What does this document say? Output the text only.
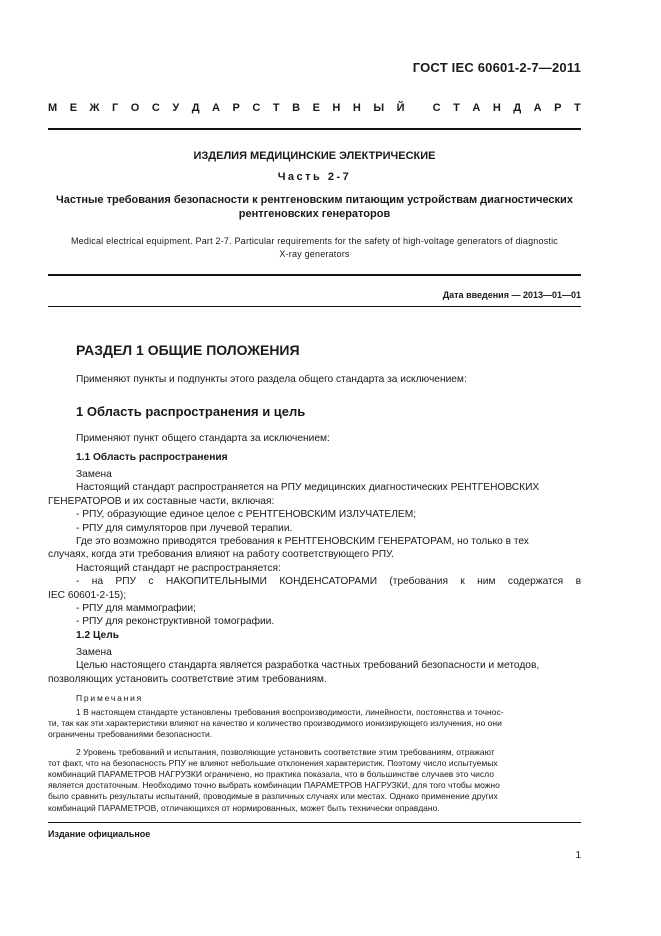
ГОСТ IEC 60601-2-7—2011
М Е Ж Г О С У Д А Р С Т В Е Н Н Ы Й
	С Т А Н Д А Р Т
ИЗДЕЛИЯ МЕДИЦИНСКИЕ ЭЛЕКТРИЧЕСКИЕ
Часть 2-7
Частные требования безопасности к рентгеновским питающим устройствам диагностических
рентгеновских генераторов
Medical electrical equipment. Part 2-7. Particular requirements for the safety of high-voltage generators of diagnostic
X-ray generators
Дата введения — 2013—01—01
РАЗДЕЛ 1 ОБЩИЕ ПОЛОЖЕНИЯ
Применяют пункты и подпункты этого раздела общего стандарта за исключением:
1 Область распространения и цель
Применяют пункт общего стандарта за исключением:
1.1 Область распространения
Замена
Настоящий стандарт распространяется на РПУ медицинских диагностических РЕНТГЕНОВСКИХ
ГЕНЕРАТОРОВ и их составные части, включая:
- РПУ, образующие единое целое с РЕНТГЕНОВСКИМ ИЗЛУЧАТЕЛЕМ;
- РПУ для симуляторов при лучевой терапии.
Где это возможно приводятся требования к РЕНТГЕНОВСКИМ ГЕНЕРАТОРАМ, но только в тех
случаях, когда эти требования влияют на работу соответствующего РПУ.
Настоящий стандарт не распространяется:
- на РПУ с НАКОПИТЕЛЬНЫМИ КОНДЕНСАТОРАМИ (требования к ним содержатся в
IEC 60601-2-15);
- РПУ для маммографии;
- РПУ для реконструктивной томографии.
1.2 Цель
Замена
Целью настоящего стандарта является разработка частных требований безопасности и методов,
позволяющих установить соответствие этим требованиям.
Примечания
1 В настоящем стандарте установлены требования воспроизводимости, линейности, постоянства и точнос-
ти, так как эти характеристики влияют на качество и количество производимого ионизирующего излучения, но они
ограничены требованиями безопасности.
2 Уровень требований и испытания, позволяющие установить соответствие этим требованиям, отражают
тот факт, что на безопасность РПУ не влияют небольшие отклонения характеристик. Поэтому число испытуемых
комбинаций ПАРАМЕТРОВ НАГРУЗКИ ограничено, но практика показала, что в большинстве случаев это число
является достаточным. Необходимо точно выбрать комбинации ПАРАМЕТРОВ НАГРУЗКИ, для того чтобы можно
было сравнить результаты испытаний, проводимые в различных случаях или местах. Однако применение других
комбинаций ПАРАМЕТРОВ, отличающихся от нормированных, может быть технически оправдано.
Издание официальное
1
